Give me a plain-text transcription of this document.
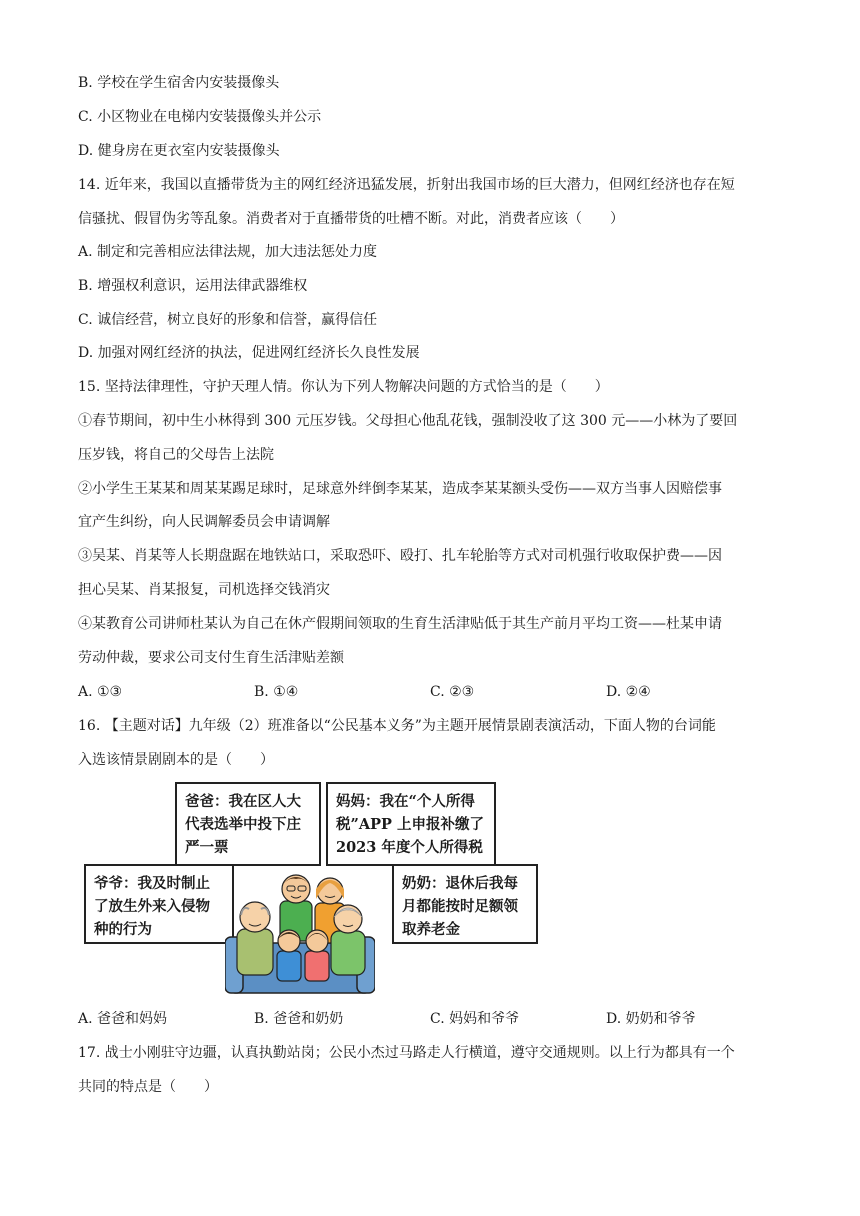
B. 学校在学生宿舍内安装摄像头
C. 小区物业在电梯内安装摄像头并公示
D. 健身房在更衣室内安装摄像头
14. 近年来，我国以直播带货为主的网红经济迅猛发展，折射出我国市场的巨大潜力，但网红经济也存在短
信骚扰、假冒伪劣等乱象。消费者对于直播带货的吐槽不断。对此，消费者应该（　　）
A. 制定和完善相应法律法规，加大违法惩处力度
B. 增强权利意识，运用法律武器维权
C. 诚信经营，树立良好的形象和信誉，赢得信任
D. 加强对网红经济的执法，促进网红经济长久良性发展
15. 坚持法律理性，守护天理人情。你认为下列人物解决问题的方式恰当的是（　　）
①春节期间，初中生小林得到 300 元压岁钱。父母担心他乱花钱，强制没收了这 300 元——小林为了要回
压岁钱，将自己的父母告上法院
②小学生王某某和周某某踢足球时，足球意外绊倒李某某，造成李某某额头受伤——双方当事人因赔偿事
宜产生纠纷，向人民调解委员会申请调解
③吴某、肖某等人长期盘踞在地铁站口，采取恐吓、殴打、扎车轮胎等方式对司机强行收取保护费——因
担心吴某、肖某报复，司机选择交钱消灾
④某教育公司讲师杜某认为自己在休产假期间领取的生育生活津贴低于其生产前月平均工资——杜某申请
劳动仲裁，要求公司支付生育生活津贴差额
A. ①③	B. ①④	C. ②③	D. ②④
16. 【主题对话】九年级（2）班准备以“公民基本义务”为主题开展情景剧表演活动，下面人物的台词能
入选该情景剧剧本的是（　　）
爸爸：我在区人大
代表选举中投下庄
严一票
妈妈：我在“个人所得
税”APP 上申报补缴了
2023 年度个人所得税
爷爷：我及时制止
了放生外来入侵物
种的行为
奶奶：退休后我每
月都能按时足额领
取养老金
A. 爸爸和妈妈	B. 爸爸和奶奶	C. 妈妈和爷爷	D. 奶奶和爷爷
17. 战士小刚驻守边疆，认真执勤站岗；公民小杰过马路走人行横道，遵守交通规则。以上行为都具有一个
共同的特点是（　　）
